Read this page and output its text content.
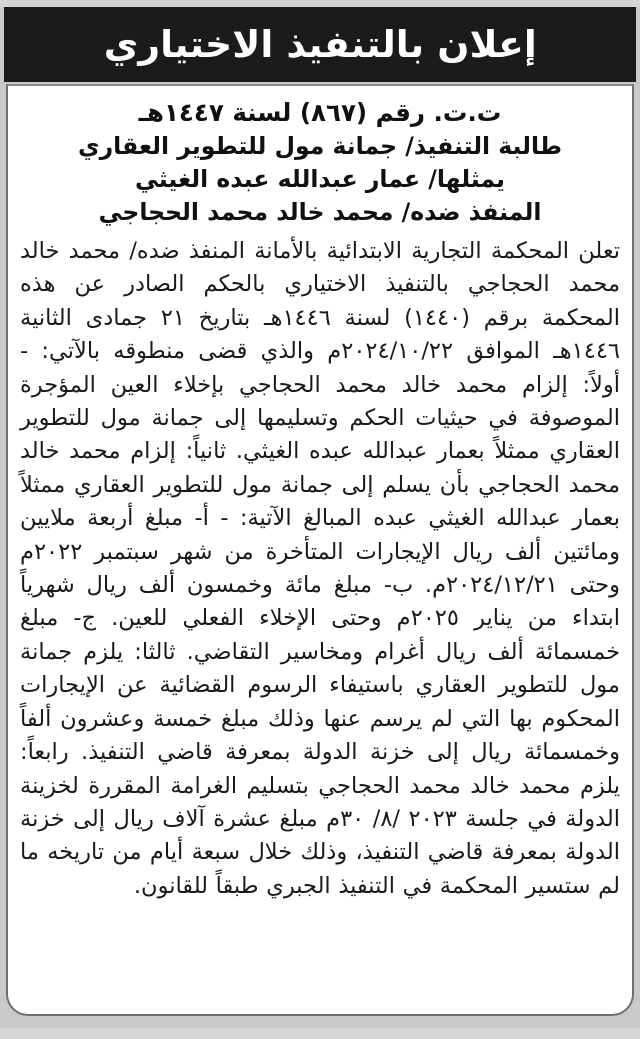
إعلان بالتنفيذ الاختياري
ت.ت. رقم (٨٦٧) لسنة ١٤٤٧هـ
طالبة التنفيذ/ جمانة مول للتطوير العقاري
يمثلها/ عمار عبدالله عبده الغيثي
المنفذ ضده/ محمد خالد محمد الحجاجي

تعلن المحكمة التجارية الابتدائية بالأمانة المنفذ ضده/ محمد خالد محمد الحجاجي بالتنفيذ الاختياري بالحكم الصادر عن هذه المحكمة برقم (١٤٤٠) لسنة ١٤٤٦هـ بتاريخ ٢١ جمادى الثانية ١٤٤٦هـ الموافق ٢٠٢٤/١٠/٢٢م والذي قضى منطوقه بالآتي: - أولاً: إلزام محمد خالد محمد الحجاجي بإخلاء العين المؤجرة الموصوفة في حيثيات الحكم وتسليمها إلى جمانة مول للتطوير العقاري ممثلاً بعمار عبدالله عبده الغيثي. ثانياً: إلزام محمد خالد محمد الحجاجي بأن يسلم إلى جمانة مول للتطوير العقاري ممثلاً بعمار عبدالله الغيثي عبده المبالغ الآتية: - أ- مبلغ أربعة ملايين ومائتين ألف ريال الإيجارات المتأخرة من شهر سبتمبر ٢٠٢٢م وحتى ٢٠٢٤/١٢/٢١م. ب- مبلغ مائة وخمسون ألف ريال شهرياً ابتداء من يناير ٢٠٢٥م وحتى الإخلاء الفعلي للعين. ج- مبلغ خمسمائة ألف ريال أغرام ومخاسير التقاضي. ثالثا: يلزم جمانة مول للتطوير العقاري باستيفاء الرسوم القضائية عن الإيجارات المحكوم بها التي لم يرسم عنها وذلك مبلغ خمسة وعشرون ألفاً وخمسمائة ريال إلى خزنة الدولة بمعرفة قاضي التنفيذ. رابعاً: يلزم محمد خالد محمد الحجاجي بتسليم الغرامة المقررة لخزينة الدولة في جلسة ٢٠٢٣ /٨/ ٣٠م مبلغ عشرة آلاف ريال إلى خزنة الدولة بمعرفة قاضي التنفيذ، وذلك خلال سبعة أيام من تاريخه ما لم ستسير المحكمة في التنفيذ الجبري طبقاً للقانون.
